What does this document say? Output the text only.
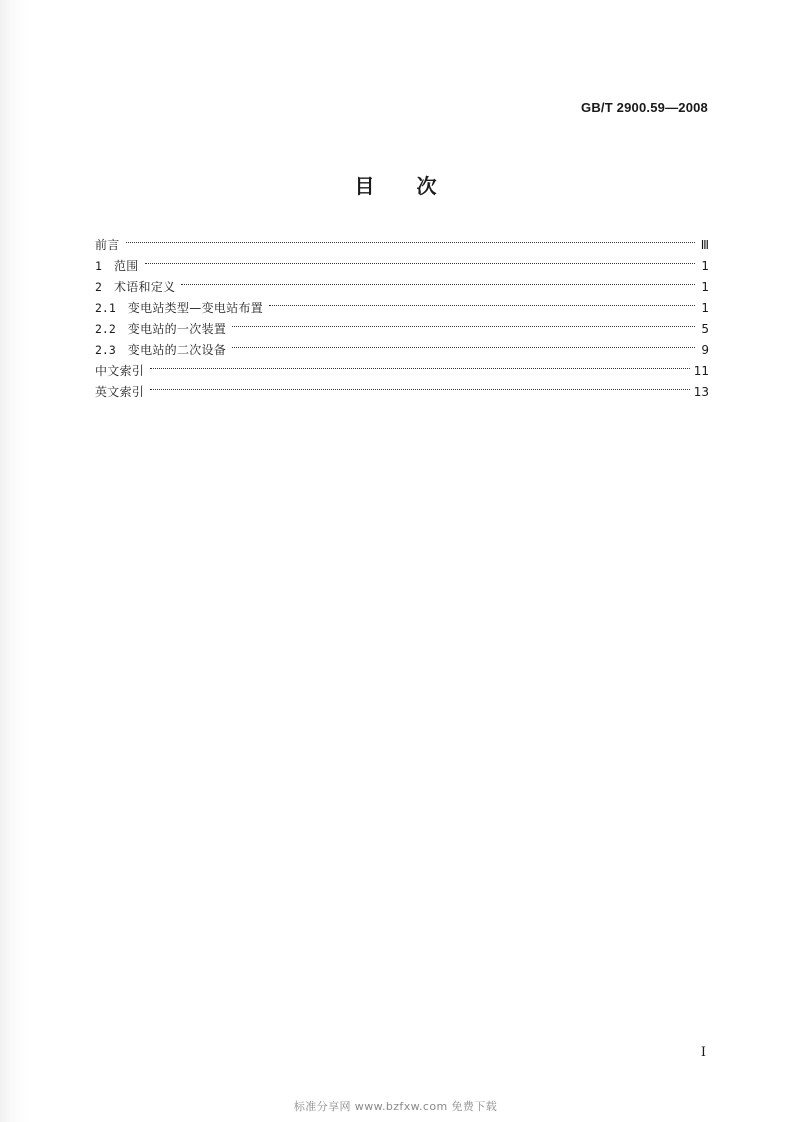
GB/T 2900.59—2008
目次
前言	Ⅲ
1 范围	1
2 术语和定义	1
2.1 变电站类型—变电站布置	1
2.2 变电站的一次装置	5
2.3 变电站的二次设备	9
中文索引	11
英文索引	13
I
标准分享网 www.bzfxw.com 免费下载
